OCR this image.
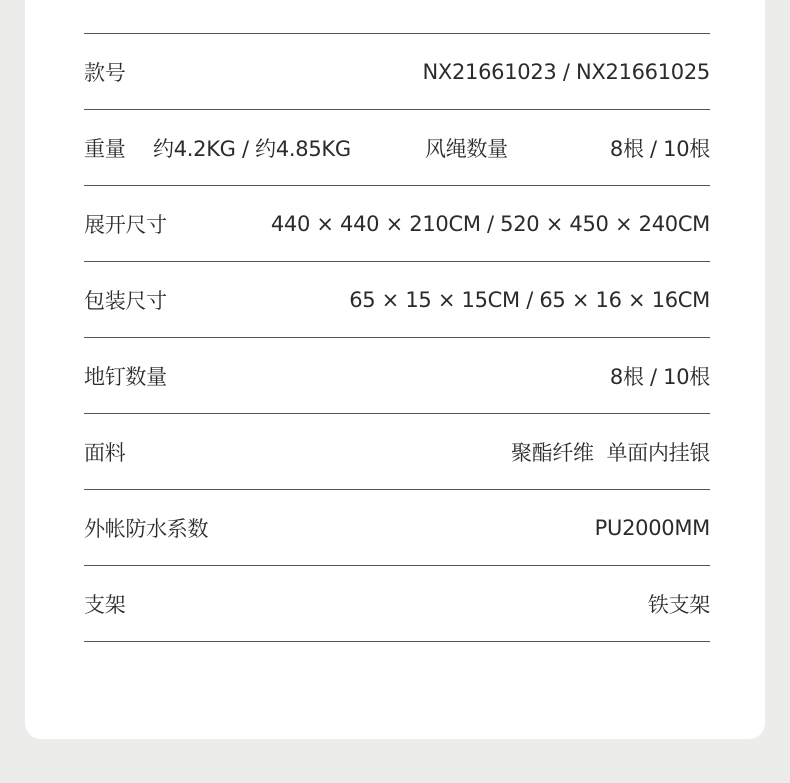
款号	NX21661023 / NX21661025
重量 约4.2KG / 约4.85KG	风绳数量	8根 / 10根
展开尺寸	440 × 440 × 210CM / 520 × 450 × 240CM
包装尺寸	65 × 15 × 15CM / 65 × 16 × 16CM
地钉数量	8根 / 10根
面料	聚酯纤维  单面内挂银
外帐防水系数	PU2000MM
支架	铁支架
